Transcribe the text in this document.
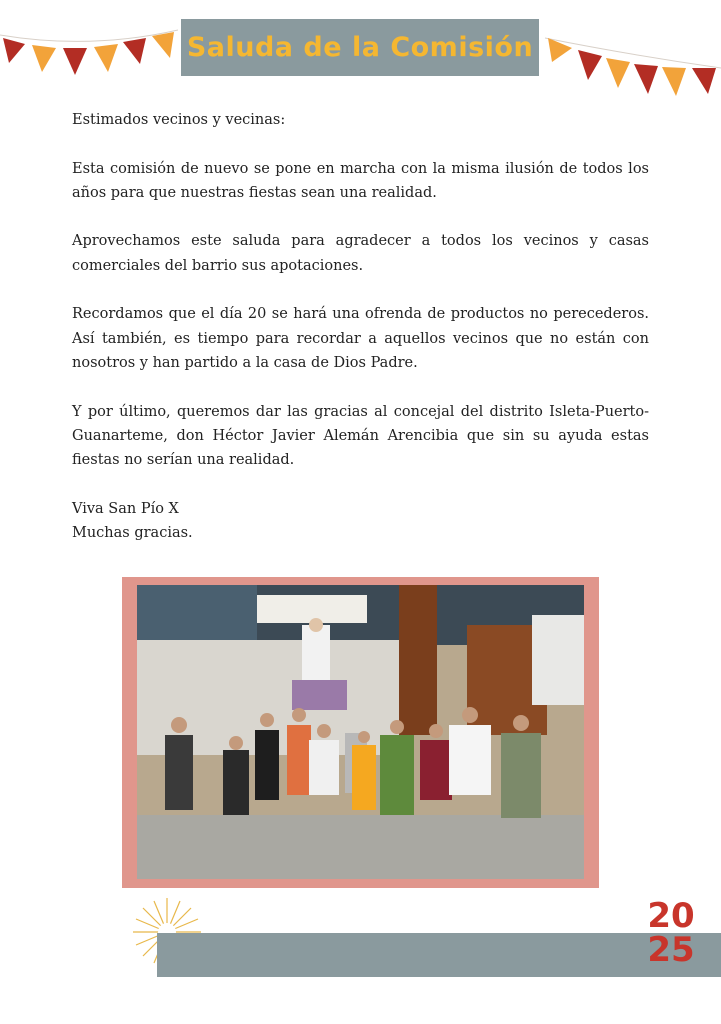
Saluda de la Comisión

Estimados vecinos y vecinas:

Esta comisión de nuevo se pone en marcha con la misma ilusión de todos los años para que nuestras fiestas sean una realidad.

Aprovechamos este saluda para agradecer a todos los vecinos y casas comerciales del barrio sus apotaciones.

Recordamos que el día 20 se hará una ofrenda de productos no perecederos. Así también, es tiempo para recordar a aquellos vecinos que no están con nosotros y han partido a la casa de Dios Padre.

Y por último, queremos dar las gracias al concejal del distrito Isleta-Puerto-Guanarteme, don Héctor Javier Alemán Arencibia que sin su ayuda estas fiestas no serían una realidad.

Viva San Pío X

Muchas gracias.

20
25
